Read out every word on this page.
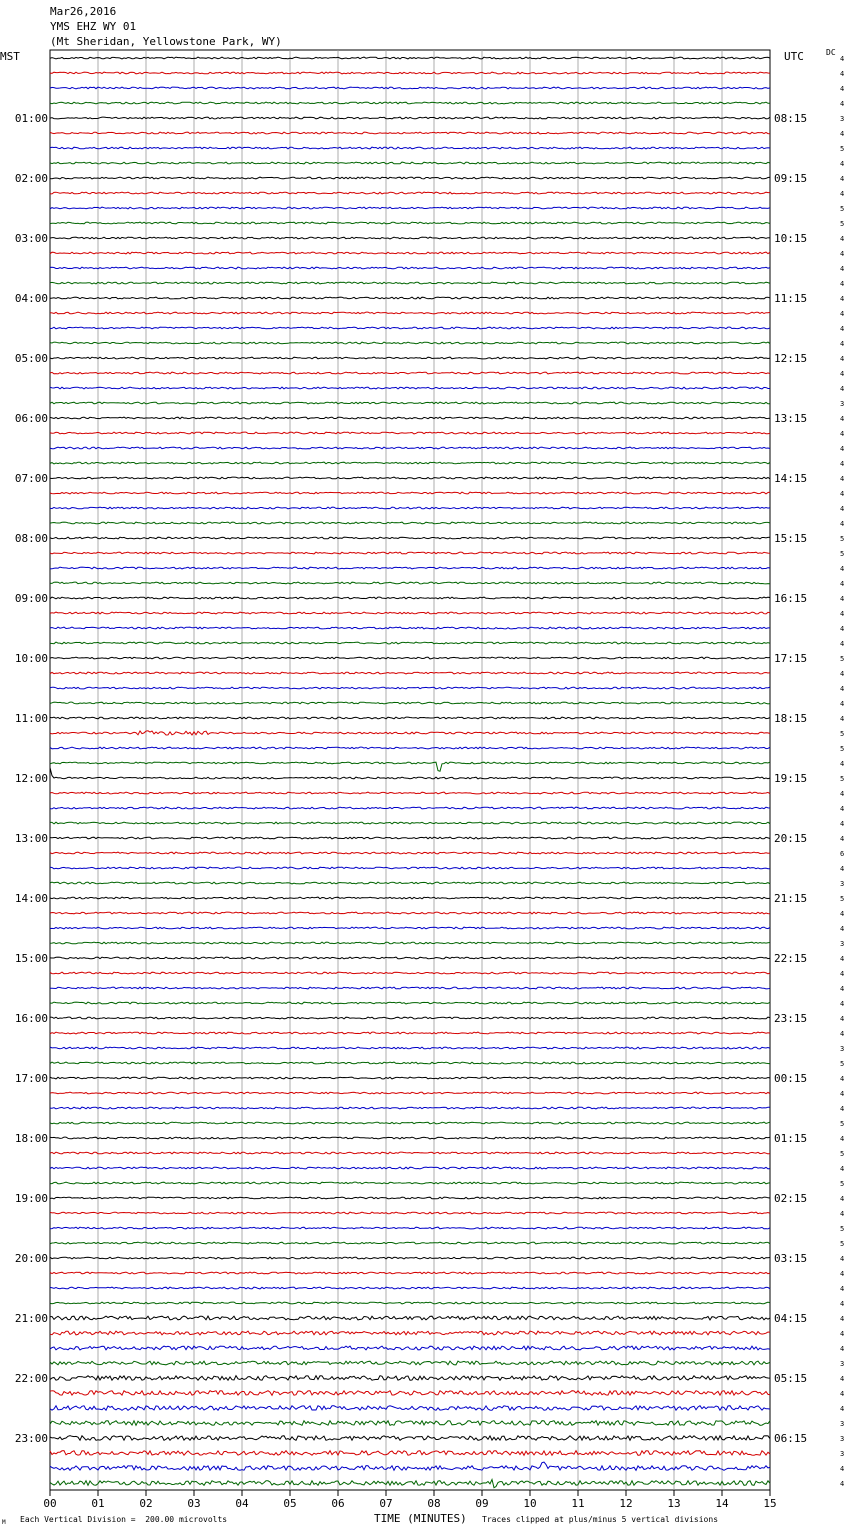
Mar26,2016
YMS EHZ WY 01
(Mt Sheridan, Yellowstone Park, WY)
MST	UTC	DC
00	01	02	03	04	05	06	07	08	09	10	11	12	13	14	15
4
4
4
4
3
4
5
4
4
4
5
5
4
4
4
4
4
4
4
4
4
4
4
3
4
4
4
4
4
4
4
4
5
5
4
4
4
4
4
4
5
4
4
4
4
5
5
4
5
4
4
4
4
6
4
3
5
4
4
3
4
4
4
4
4
4
3
5
4
4
4
5
4
5
4
5
4
4
5
5
4
4
4
4
4
4
4
3
4
4
4
3
3
3
4
4
01:00
02:00
03:00
04:00
05:00
06:00
07:00
08:00
09:00
10:00
11:00
12:00
13:00
14:00
15:00
16:00
17:00
18:00
19:00
20:00
21:00
22:00
23:00
08:15
09:15
10:15
11:15
12:15
13:15
14:15
15:15
16:15
17:15
18:15
19:15
20:15
21:15
22:15
23:15
00:15
01:15
02:15
03:15
04:15
05:15
06:15
M Each Vertical Division =  200.00 microvolts	TIME (MINUTES) Traces clipped at plus/minus 5 vertical divisions
